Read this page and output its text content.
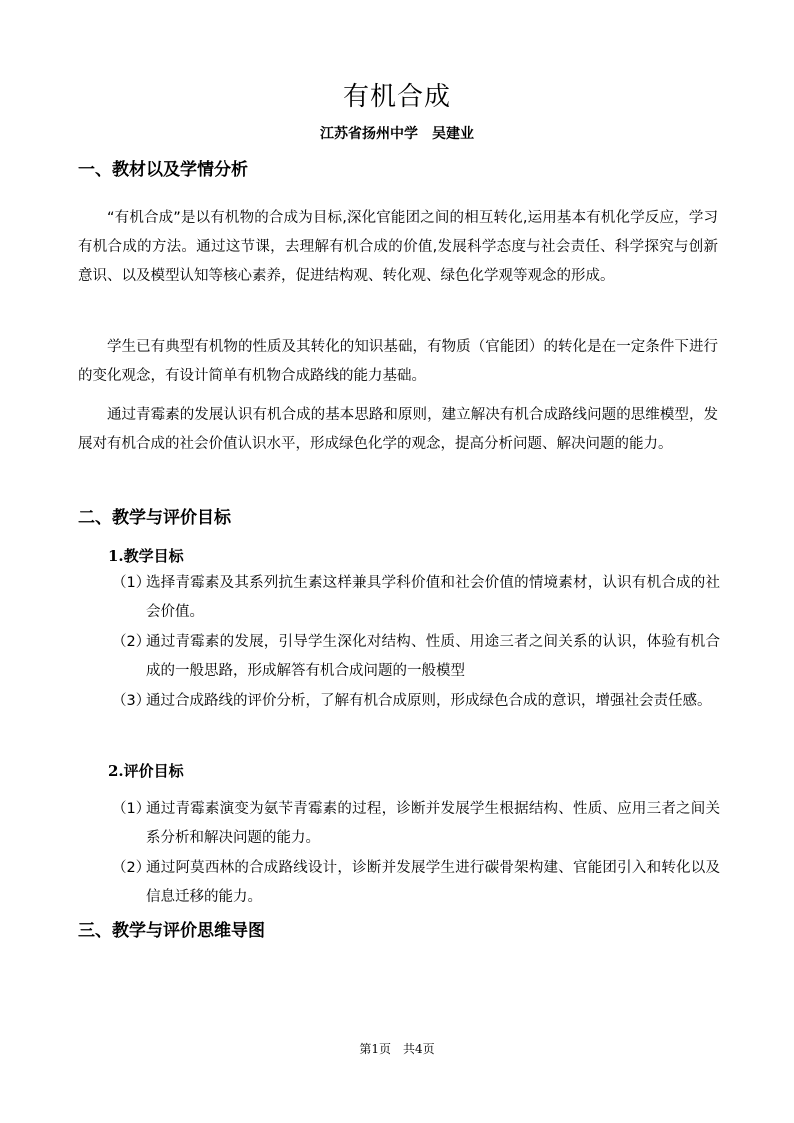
有机合成
江苏省扬州中学　吴建业
一、教材以及学情分析

“有机合成”是以有机物的合成为目标,深化官能团之间的相互转化,运用基本有机化学反应，学习有机合成的方法。通过这节课，去理解有机合成的价值,发展科学态度与社会责任、科学探究与创新意识、以及模型认知等核心素养，促进结构观、转化观、绿色化学观等观念的形成。

学生已有典型有机物的性质及其转化的知识基础，有物质（官能团）的转化是在一定条件下进行的变化观念，有设计简单有机物合成路线的能力基础。

通过青霉素的发展认识有机合成的基本思路和原则，建立解决有机合成路线问题的思维模型，发展对有机合成的社会价值认识水平，形成绿色化学的观念，提高分析问题、解决问题的能力。

二、教学与评价目标
1.教学目标
（1）
选择青霉素及其系列抗生素这样兼具学科价值和社会价值的情境素材，认识有机合成的社会价值。
（2）
通过青霉素的发展，引导学生深化对结构、性质、用途三者之间关系的认识，体验有机合成的一般思路，形成解答有机合成问题的一般模型
（3）
通过合成路线的评价分析，了解有机合成原则，形成绿色合成的意识，增强社会责任感。
2.评价目标
（1）
通过青霉素演变为氨苄青霉素的过程，诊断并发展学生根据结构、性质、应用三者之间关系分析和解决问题的能力。
（2）
通过阿莫西林的合成路线设计，诊断并发展学生进行碳骨架构建、官能团引入和转化以及信息迁移的能力。
三、教学与评价思维导图
第1页　共4页
